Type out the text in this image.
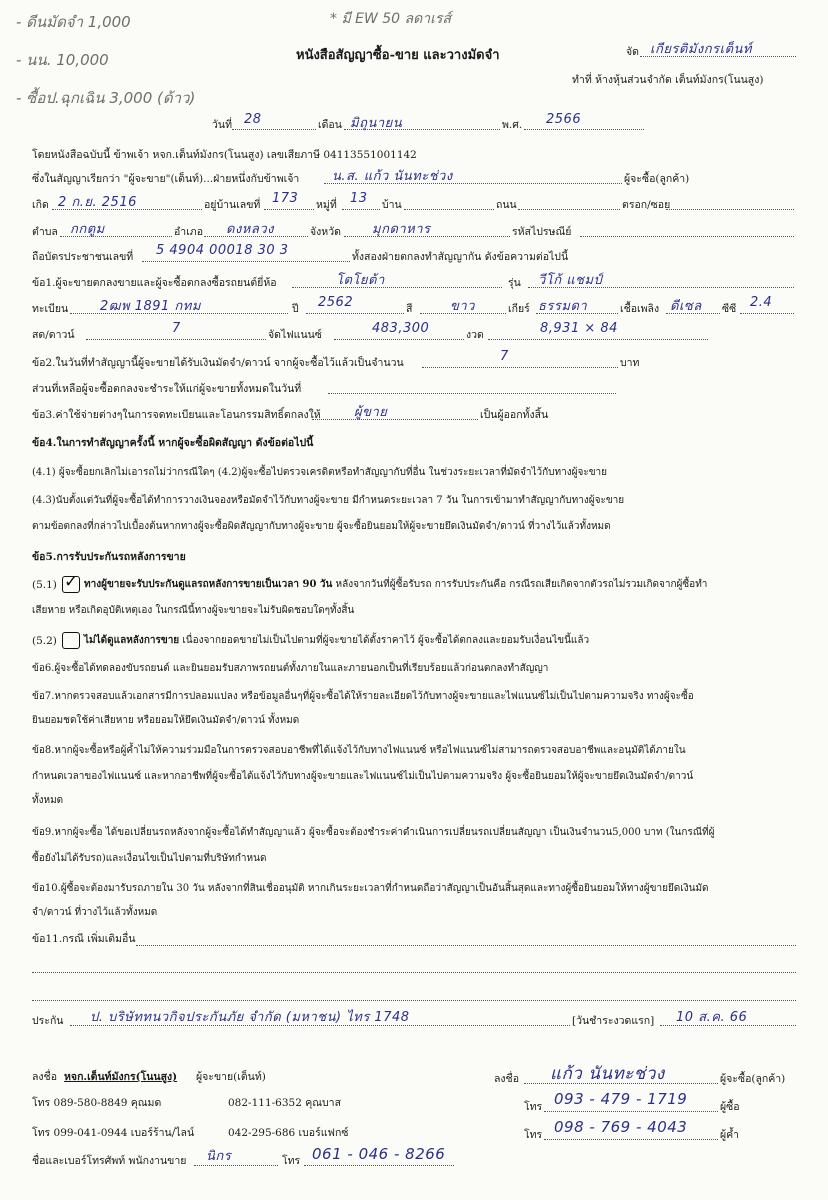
- ดีนมัดจำ 1,000
- นน. 10,000
- ซื้อป.ฉุกเฉิน 3,000 (ด้าว)
* มี EW 50 ลดาเรส์
หนังสือสัญญาซื้อ-ขาย และวางมัดจำ	จัด เกียรติมังกรเต็นท์
ทำที่ ห้างหุ้นส่วนจำกัด เต็นท์มังกร(โนนสูง)
วันที่ 28	เดือน มิถุนายน	พ.ศ. 2566
โดยหนังสือฉบับนี้ ข้าพเจ้า หจก.เต็นท์มังกร(โนนสูง) เลขเสียภาษี 04113551001142
ซึ่งในสัญญาเรียกว่า "ผู้จะขาย"(เต็นท์)...ฝ่ายหนึ่งกับข้าพเจ้า	น.ส. แก้ว นันทะช่วง	ผู้จะซื้อ(ลูกค้า)
เกิด 2 ก.ย. 2516	อยู่บ้านเลขที่ 173 หมู่ที่ 13 บ้าน	ถนน	ตรอก/ซอย
ตำบล กกตูม	อำเภอ ดงหลวง	จังหวัด มุกดาหาร	รหัสไปรษณีย์
ถือบัตรประชาชนเลขที่ 5 4904 00018 30 3	ทั้งสองฝ่ายตกลงทำสัญญากัน ดังข้อความต่อไปนี้
ข้อ1.ผู้จะขายตกลงขายและผู้จะซื้อตกลงซื้อรถยนต์ยี่ห้อ	โตโยต้า	รุ่น วีโก้ แชมป์
ทะเบียน 2ฒพ 1891 กทม	ปี 2562	สี	ขาว	เกียร์ ธรรมดา	เชื้อเพลิง ดีเซล ซีซี 2.4
สด/ดาวน์	7	จัดไฟแนนซ์	483,300	งวด	8,931 × 84
ข้อ2.ในวันที่ทำสัญญานี้ผู้จะขายได้รับเงินมัดจำ/ดาวน์ จากผู้จะซื้อไว้แล้วเป็นจำนวน	7	บาท
ส่วนที่เหลือผู้จะซื้อตกลงจะชำระให้แก่ผู้จะขายทั้งหมดในวันที่
ข้อ3.ค่าใช้จ่ายต่างๆในการจดทะเบียนและโอนกรรมสิทธิ์ตกลงให้	ผู้ขาย	เป็นผู้ออกทั้งสิ้น
ข้อ4.ในการทำสัญญาครั้งนี้ หากผู้จะซื้อผิดสัญญา ดังข้อต่อไปนี้
(4.1) ผู้จะซื้อยกเลิกไม่เอารถไม่ว่ากรณีใดๆ (4.2)ผู้จะซื้อไปตรวจเครดิตหรือทำสัญญากับที่อื่น ในช่วงระยะเวลาที่มัดจำไว้กับทางผู้จะขาย
(4.3)นับตั้งแต่วันที่ผู้จะซื้อได้ทำการวางเงินจองหรือมัดจำไว้กับทางผู้จะขาย มีกำหนดระยะเวลา 7 วัน ในการเข้ามาทำสัญญากับทางผู้จะขาย
ตามข้อตกลงที่กล่าวไปเบื้องต้นหากทางผู้จะซื้อผิดสัญญากับทางผู้จะขาย ผู้จะซื้อยินยอมให้ผู้จะขายยึดเงินมัดจำ/ดาวน์ ที่วางไว้แล้วทั้งหมด
ข้อ5.การรับประกันรถหลังการขาย
(5.1) ✓ ทางผู้ขายจะรับประกันดูแลรถหลังการขายเป็นเวลา 90 วัน หลังจากวันที่ผู้ซื้อรับรถ การรับประกันคือ กรณีรถเสียเกิดจากตัวรถไม่รวมเกิดจากผู้ซื้อทำ
เสียหาย หรือเกิดอุบัติเหตุเอง ในกรณีนี้ทางผู้จะขายจะไม่รับผิดชอบใดๆทั้งสิ้น
(5.2)	ไม่ได้ดูแลหลังการขาย เนื่องจากยอดขายไม่เป็นไปตามที่ผู้จะขายได้ตั้งราคาไว้ ผู้จะซื้อได้ตกลงและยอมรับเงื่อนไขนี้แล้ว
ข้อ6.ผู้จะซื้อได้ทดลองขับรถยนต์ และยินยอมรับสภาพรถยนต์ทั้งภายในและภายนอกเป็นที่เรียบร้อยแล้วก่อนตกลงทำสัญญา
ข้อ7.หากตรวจสอบแล้วเอกสารมีการปลอมแปลง หรือข้อมูลอื่นๆที่ผู้จะซื้อได้ให้รายละเอียดไว้กับทางผู้จะขายและไฟแนนซ์ไม่เป็นไปตามความจริง ทางผู้จะซื้อ
ยินยอมชดใช้ค่าเสียหาย หรือยอมให้ยึดเงินมัดจำ/ดาวน์ ทั้งหมด
ข้อ8.หากผู้จะซื้อหรือผู้ค้ำไม่ให้ความร่วมมือในการตรวจสอบอาชีพที่ได้แจ้งไว้กับทางไฟแนนซ์ หรือไฟแนนซ์ไม่สามารถตรวจสอบอาชีพและอนุมัติได้ภายใน
กำหนดเวลาของไฟแนนซ์ และหากอาชีพที่ผู้จะซื้อได้แจ้งไว้กับทางผู้จะขายและไฟแนนซ์ไม่เป็นไปตามความจริง ผู้จะซื้อยินยอมให้ผู้จะขายยึดเงินมัดจำ/ดาวน์
ทั้งหมด
ข้อ9.หากผู้จะซื้อ ได้ขอเปลี่ยนรถหลังจากผู้จะซื้อได้ทำสัญญาแล้ว ผู้จะซื้อจะต้องชำระค่าดำเนินการเปลี่ยนรถเปลี่ยนสัญญา เป็นเงินจำนวน5,000 บาท (ในกรณีที่ผู้
ซื้อยังไม่ได้รับรถ)และเงื่อนไขเป็นไปตามที่บริษัทกำหนด
ข้อ10.ผู้ซื้อจะต้องมารับรถภายใน 30 วัน หลังจากที่สินเชื่ออนุมัติ หากเกินระยะเวลาที่กำหนดถือว่าสัญญาเป็นอันสิ้นสุดและทางผู้ซื้อยินยอมให้ทางผู้ขายยึดเงินมัด
จำ/ดาวน์ ที่วางไว้แล้วทั้งหมด
ข้อ11.กรณี เพิ่มเติมอื่น
ประกัน ป. บริษัททนวกิจประกันภัย จำกัด (มหาชน) ไทร 1748	[วันชำระงวดแรก] 10 ส.ค. 66
ลงชื่อ หจก.เต็นท์มังกร(โนนสูง) ผู้จะขาย(เต็นท์)	ลงชื่อ แก้ว นันทะช่วง	ผู้จะซื้อ(ลูกค้า)
โทร 089-580-8849 คุณมด	082-111-6352 คุณบาส	โทร 093 - 479 - 1719	ผู้ซื้อ
โทร 099-041-0944 เบอร์ร้าน/ไลน์	042-295-686 เบอร์แฟกซ์	โทร 098 - 769 - 4043	ผู้ค้ำ
ชื่อและเบอร์โทรศัพท์ พนักงานขาย นิกร	โทร 061 - 046 - 8266
